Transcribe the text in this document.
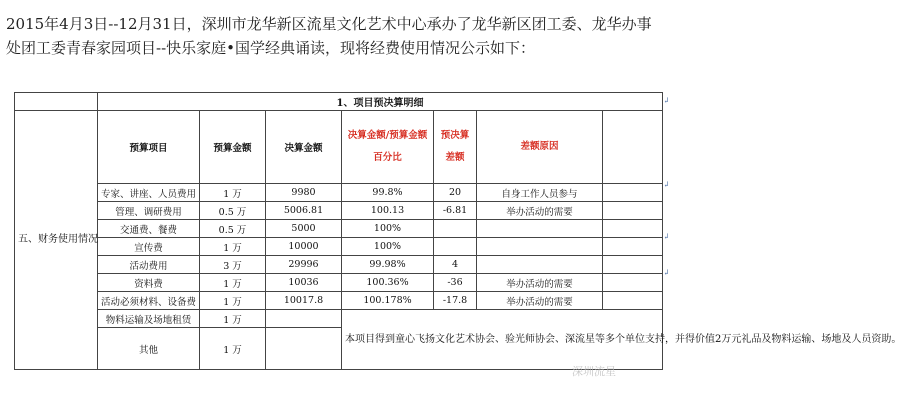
2015年4月3日--12月31日，深圳市龙华新区流星文化艺术中心承办了龙华新区团工委、龙华办事

处团工委青春家园项目--快乐家庭•国学经典诵读，现将经费使用情况公示如下：

	1、项目预决算明细						
五、财务使用情况	预算项目	预算金额	决算金额	决算金额/预算金额百分比	预决算差额	差额原因	
	专家、讲座、人员费用	1 万	9980	99.8%	20	自身工作人员参与	
	管理、调研费用	0.5 万	5006.81	100.13	-6.81	举办活动的需要	
	交通费、餐费	0.5 万	5000	100%			
	宣传费	1 万	10000	100%			
	活动费用	3 万	29996	99.98%	4		
	资料费	1 万	10036	100.36%	-36	举办活动的需要	
	活动必须材料、设备费	1 万	10017.8	100.178%	-17.8	举办活动的需要	
	物料运输及场地租赁	1 万		本项目得到童心飞扬文化艺术协会、验光师协会、深流星等多个单位支持，并得价值2万元礼品及物料运输、场地及人员资助。			
	其他	1 万					
↲
↲
↲
↲
深圳流星
